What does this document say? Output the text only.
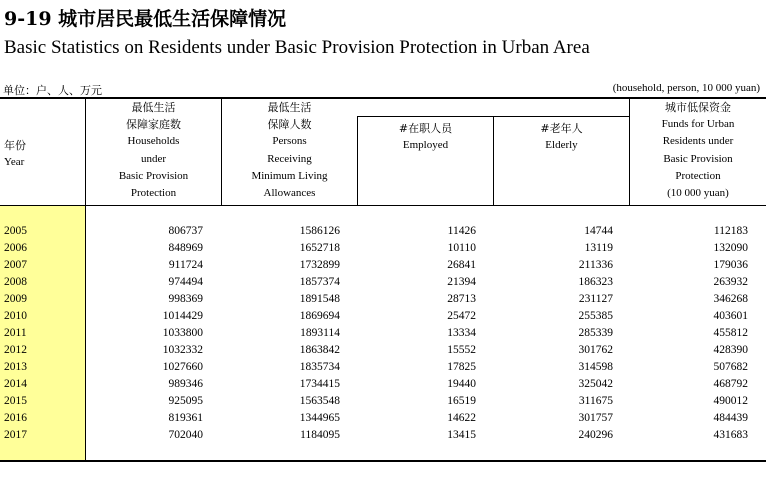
9-19 城市居民最低生活保障情况
Basic Statistics on Residents under Basic Provision Protection in Urban Area
单位：户、人、万元	(household, person, 10 000 yuan)
年份
Year
最低生活
保障家庭数
Households
under
Basic Provision
Protection
最低生活
保障人数
Persons
Receiving
Minimum Living
Allowances
#在职人员
Employed
#老年人
Elderly
城市低保资金
Funds for Urban
Residents under
Basic Provision
Protection
(10 000 yuan)
2005	806737	1586126	11426	14744	112183
2006	848969	1652718	10110	13119	132090
2007	911724	1732899	26841	211336	179036
2008	974494	1857374	21394	186323	263932
2009	998369	1891548	28713	231127	346268
2010	1014429	1869694	25472	255385	403601
2011	1033800	1893114	13334	285339	455812
2012	1032332	1863842	15552	301762	428390
2013	1027660	1835734	17825	314598	507682
2014	989346	1734415	19440	325042	468792
2015	925095	1563548	16519	311675	490012
2016	819361	1344965	14622	301757	484439
2017	702040	1184095	13415	240296	431683
